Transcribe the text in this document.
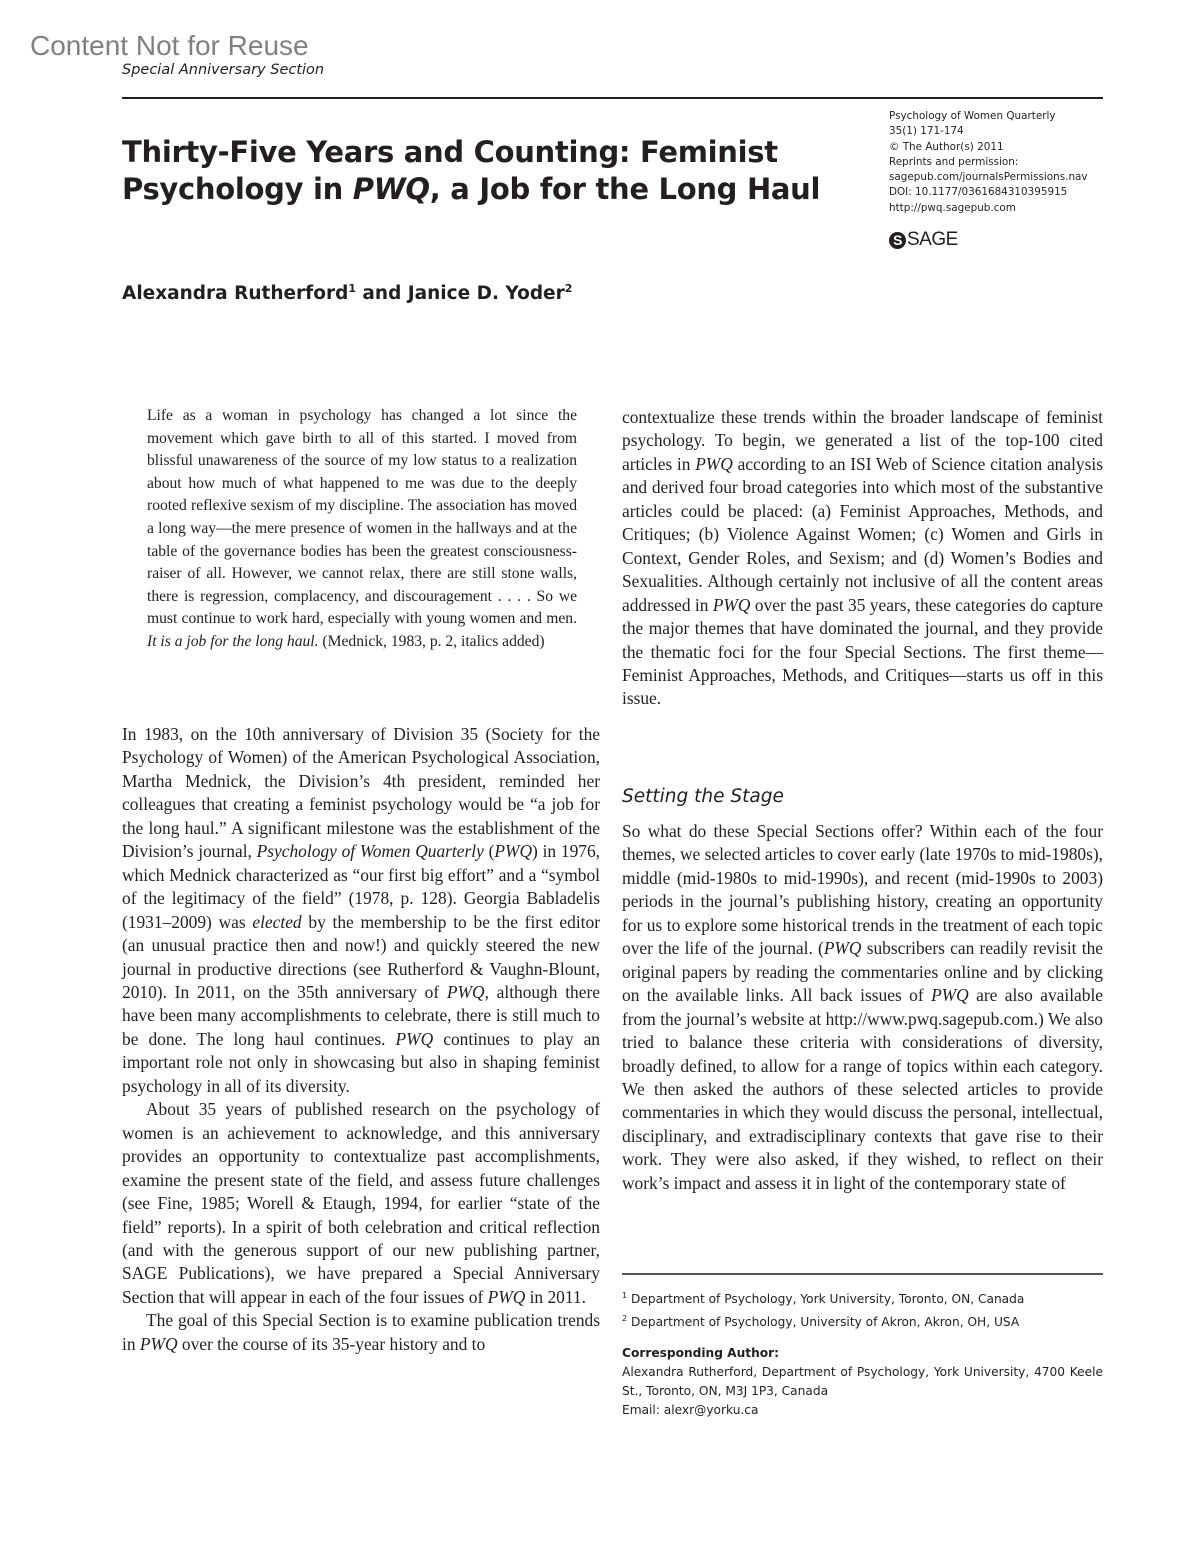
Content Not for Reuse
Special Anniversary Section
Thirty-Five Years and Counting: Feminist
Psychology in PWQ, a Job for the Long Haul
Psychology of Women Quarterly
35(1) 171-174
© The Author(s) 2011
Reprints and permission:
sagepub.com/journalsPermissions.nav
DOI: 10.1177/0361684310395915
http://pwq.sagepub.com
S SAGE
Alexandra Rutherford$^1$ and Janice D. Yoder$^2$

Life as a woman in psychology has changed a lot since the movement which gave birth to all of this started. I moved from blissful unawareness of the source of my low status to a realization about how much of what happened to me was due to the deeply rooted reflexive sexism of my discipline. The association has moved a long way—the mere presence of women in the hallways and at the table of the governance bodies has been the greatest consciousness-raiser of all. However, we cannot relax, there are still stone walls, there is regression, complacency, and discouragement . . . . So we must continue to work hard, especially with young women and men. It is a job for the long haul. (Mednick, 1983, p. 2, italics added)

In 1983, on the 10th anniversary of Division 35 (Society for the Psychology of Women) of the American Psychological Association, Martha Mednick, the Division’s 4th president, reminded her colleagues that creating a feminist psychology would be “a job for the long haul.” A significant milestone was the establishment of the Division’s journal, Psychology of Women Quarterly (PWQ) in 1976, which Mednick characterized as “our first big effort” and a “symbol of the legitimacy of the field” (1978, p. 128). Georgia Babladelis (1931–2009) was elected by the membership to be the first editor (an unusual practice then and now!) and quickly steered the new journal in productive directions (see Rutherford & Vaughn-Blount, 2010). In 2011, on the 35th anniversary of PWQ, although there have been many accomplishments to celebrate, there is still much to be done. The long haul continues. PWQ continues to play an important role not only in showcasing but also in shaping feminist psychology in all of its diversity.

About 35 years of published research on the psychology of women is an achievement to acknowledge, and this anniversary provides an opportunity to contextualize past accomplishments, examine the present state of the field, and assess future challenges (see Fine, 1985; Worell & Etaugh, 1994, for earlier “state of the field” reports). In a spirit of both celebration and critical reflection (and with the generous support of our new publishing partner, SAGE Publications), we have prepared a Special Anniversary Section that will appear in each of the four issues of PWQ in 2011.

The goal of this Special Section is to examine publication trends in PWQ over the course of its 35-year history and to

contextualize these trends within the broader landscape of feminist psychology. To begin, we generated a list of the top-100 cited articles in PWQ according to an ISI Web of Science citation analysis and derived four broad categories into which most of the substantive articles could be placed: (a) Feminist Approaches, Methods, and Critiques; (b) Violence Against Women; (c) Women and Girls in Context, Gender Roles, and Sexism; and (d) Women’s Bodies and Sexualities. Although certainly not inclusive of all the content areas addressed in PWQ over the past 35 years, these categories do capture the major themes that have dominated the journal, and they provide the thematic foci for the four Special Sections. The first theme—Feminist Approaches, Methods, and Critiques—starts us off in this issue.

Setting the Stage

So what do these Special Sections offer? Within each of the four themes, we selected articles to cover early (late 1970s to mid-1980s), middle (mid-1980s to mid-1990s), and recent (mid-1990s to 2003) periods in the journal’s publishing history, creating an opportunity for us to explore some historical trends in the treatment of each topic over the life of the journal. (PWQ subscribers can readily revisit the original papers by reading the commentaries online and by clicking on the available links. All back issues of PWQ are also available from the journal’s website at http://www.pwq.sagepub.com.) We also tried to balance these criteria with considerations of diversity, broadly defined, to allow for a range of topics within each category. We then asked the authors of these selected articles to provide commentaries in which they would discuss the personal, intellectual, disciplinary, and extradisciplinary contexts that gave rise to their work. They were also asked, if they wished, to reflect on their work’s impact and assess it in light of the contemporary state of

$^1$ Department of Psychology, York University, Toronto, ON, Canada
$^2$ Department of Psychology, University of Akron, Akron, OH, USA
Corresponding Author:
Alexandra Rutherford, Department of Psychology, York University, 4700 Keele St., Toronto, ON, M3J 1P3, Canada
Email: alexr@yorku.ca
